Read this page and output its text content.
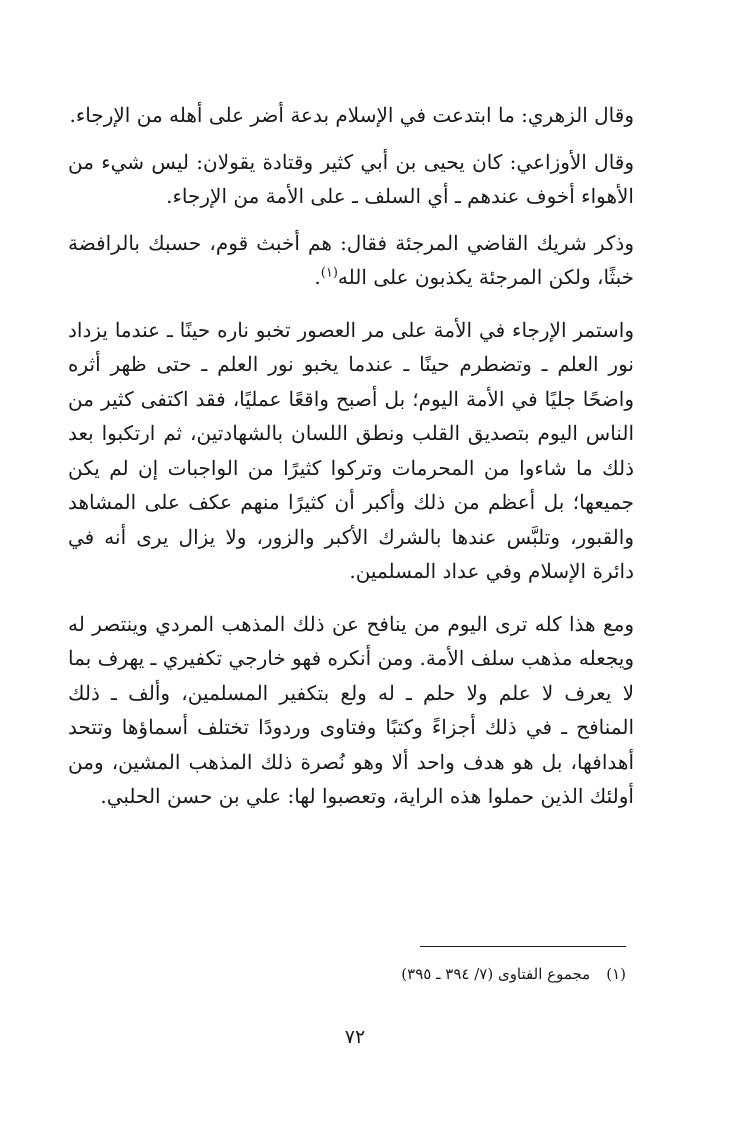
وقال الزهري: ما ابتدعت في الإسلام بدعة أضر على أهله من الإرجاء.

وقال الأوزاعي: كان يحيى بن أبي كثير وقتادة يقولان: ليس شيء من الأهواء أخوف عندهم ـ أي السلف ـ على الأمة من الإرجاء.

وذكر شريك القاضي المرجئة فقال: هم أخبث قوم، حسبك بالرافضة خبثًا، ولكن المرجئة يكذبون على الله$^{(١)}$.

واستمر الإرجاء في الأمة على مر العصور تخبو ناره حينًا ـ عندما يزداد نور العلم ـ وتضطرم حينًا ـ عندما يخبو نور العلم ـ حتى ظهر أثره واضحًا جليًا في الأمة اليوم؛ بل أصبح واقعًا عمليًا، فقد اكتفى كثير من الناس اليوم بتصديق القلب ونطق اللسان بالشهادتين، ثم ارتكبوا بعد ذلك ما شاءوا من المحرمات وتركوا كثيرًا من الواجبات إن لم يكن جميعها؛ بل أعظم من ذلك وأكبر أن كثيرًا منهم عكف على المشاهد والقبور، وتلبَّس عندها بالشرك الأكبر والزور، ولا يزال يرى أنه في دائرة الإسلام وفي عداد المسلمين.

ومع هذا كله ترى اليوم من ينافح عن ذلك المذهب المردي وينتصر له ويجعله مذهب سلف الأمة. ومن أنكره فهو خارجي تكفيري ـ يهرف بما لا يعرف لا علم ولا حلم ـ له ولع بتكفير المسلمين، وألف ـ ذلك المنافح ـ في ذلك أجزاءً وكتبًا وفتاوى وردودًا تختلف أسماؤها وتتحد أهدافها، بل هو هدف واحد ألا وهو نُصرة ذلك المذهب المشين، ومن أولئك الذين حملوا هذه الراية، وتعصبوا لها: علي بن حسن الحلبي.

(١)مجموع الفتاوى (٧/ ٣٩٤ ـ ٣٩٥)
٧٢
